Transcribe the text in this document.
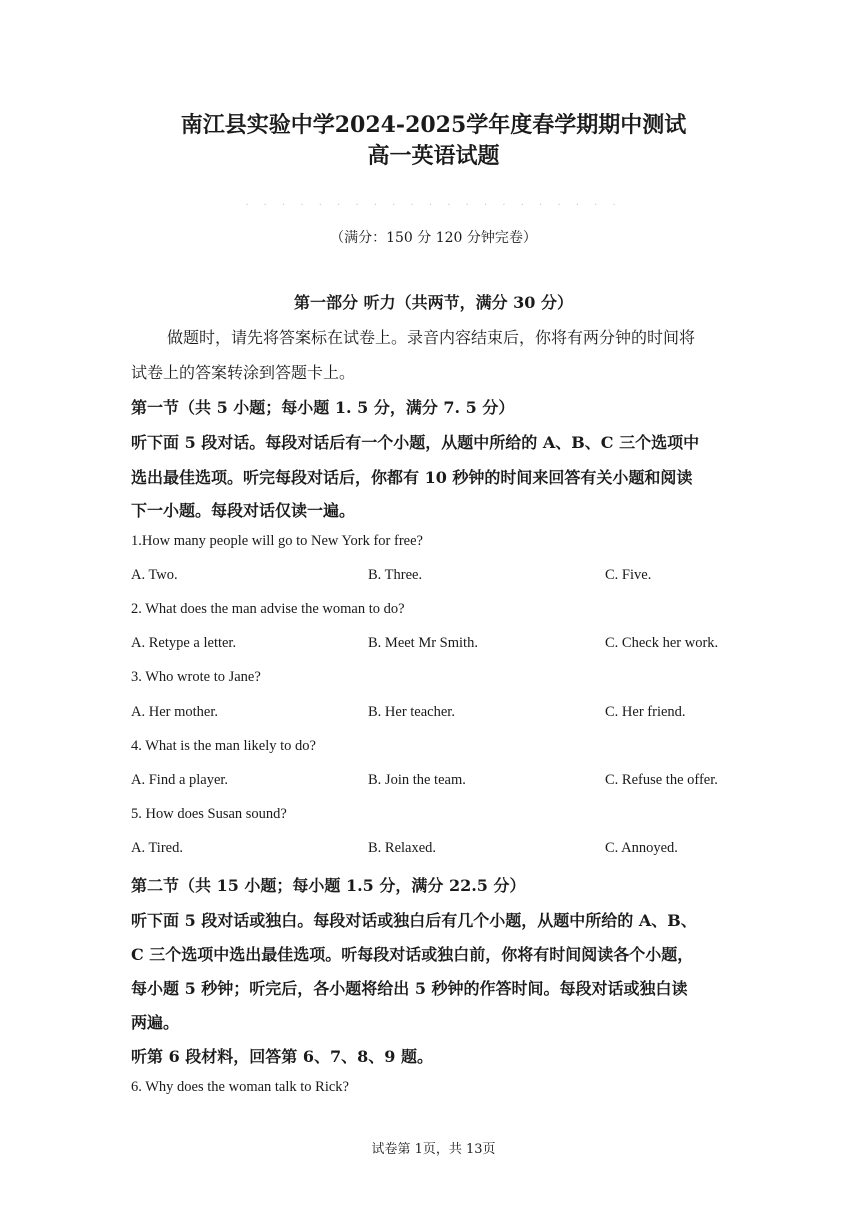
南江县实验中学2024-2025学年度春学期期中测试
高一英语试题
· · · · · · · · · · · · · · · · · · · · ·
（满分：150 分 120 分钟完卷）
第一部分 听力（共两节，满分 30 分）
做题时，请先将答案标在试卷上。录音内容结束后，你将有两分钟的时间将
试卷上的答案转涂到答题卡上。
第一节（共 5 小题；每小题 1. 5 分，满分 7. 5 分）
听下面 5 段对话。每段对话后有一个小题，从题中所给的 A、B、C 三个选项中
选出最佳选项。听完每段对话后，你都有 10 秒钟的时间来回答有关小题和阅读
下一小题。每段对话仅读一遍。
1.How many people will go to New York for free?
A. Two.	B. Three.	C. Five.
2. What does the man advise the woman to do?
A. Retype a letter.	B. Meet Mr Smith.	C. Check her work.
3. Who wrote to Jane?
A. Her mother.	B. Her teacher.	C. Her friend.
4. What is the man likely to do?
A. Find a player.	B. Join the team.	C. Refuse the offer.
5. How does Susan sound?
A. Tired.	B. Relaxed.	C. Annoyed.
第二节（共 15 小题；每小题 1.5 分，满分 22.5 分）
听下面 5 段对话或独白。每段对话或独白后有几个小题，从题中所给的 A、B、
C 三个选项中选出最佳选项。听每段对话或独白前，你将有时间阅读各个小题，
每小题 5 秒钟；听完后，各小题将给出 5 秒钟的作答时间。每段对话或独白读
两遍。
听第 6 段材料，回答第 6、7、8、9 题。
6. Why does the woman talk to Rick?
试卷第 1页，共 13页
